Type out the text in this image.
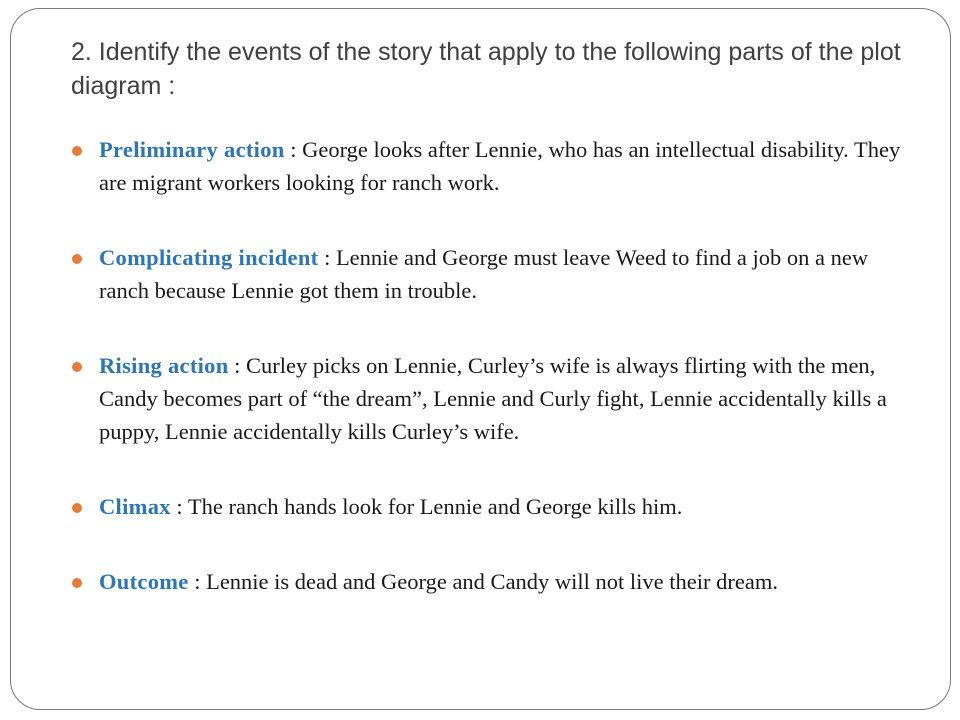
2. Identify the events of the story that apply to the following parts of the plot diagram :
Preliminary action : George looks after Lennie, who has an intellectual disability. They are migrant workers looking for ranch work.
Complicating incident : Lennie and George must leave Weed to find a job on a new ranch because Lennie got them in trouble.
Rising action : Curley picks on Lennie, Curley’s wife is always flirting with the men, Candy becomes part of “the dream”, Lennie and Curly fight, Lennie accidentally kills a puppy, Lennie accidentally kills Curley’s wife.
Climax : The ranch hands look for Lennie and George kills him.
Outcome : Lennie is dead and George and Candy will not live their dream.
